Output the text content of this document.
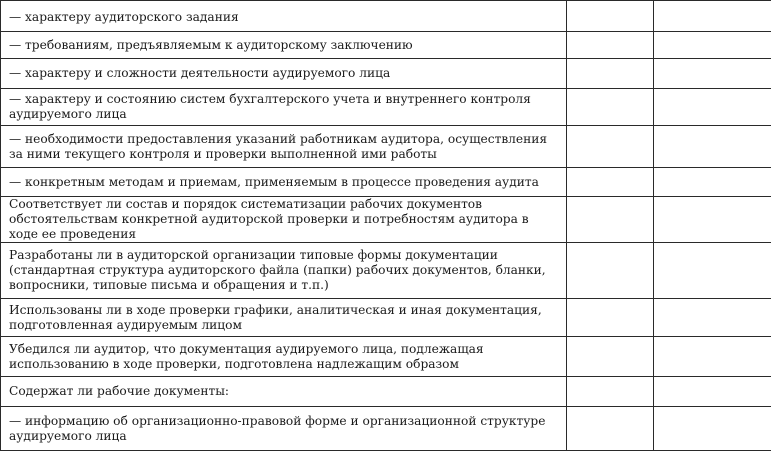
— характеру аудиторского задания		

— требованиям, предъявляемым к аудиторскому заключению		

— характеру и сложности деятельности аудируемого лица		

— характеру и состоянию систем бухгалтерского учета и внутреннего контроля аудируемого лица		

— необходимости предоставления указаний работникам аудитора, осуществления за ними текущего контроля и проверки выполненной ими работы		

— конкретным методам и приемам, применяемым в процессе проведения аудита		

Соответствует ли состав и порядок систематизации рабочих документов обстоятельствам конкретной аудиторской проверки и потребностям аудитора в ходе ее проведения		

Разработаны ли в аудиторской организации типовые формы документации (стандартная структура аудиторского файла (папки) рабочих документов, бланки, вопросники, типовые письма и обращения и т.п.)		

Использованы ли в ходе проверки графики, аналитическая и иная документация, подготовленная аудируемым лицом		

Убедился ли аудитор, что документация аудируемого лица, подлежащая использованию в ходе проверки, подготовлена надлежащим образом		

Содержат ли рабочие документы:		

— информацию об организационно-правовой форме и организационной структуре аудируемого лица		
